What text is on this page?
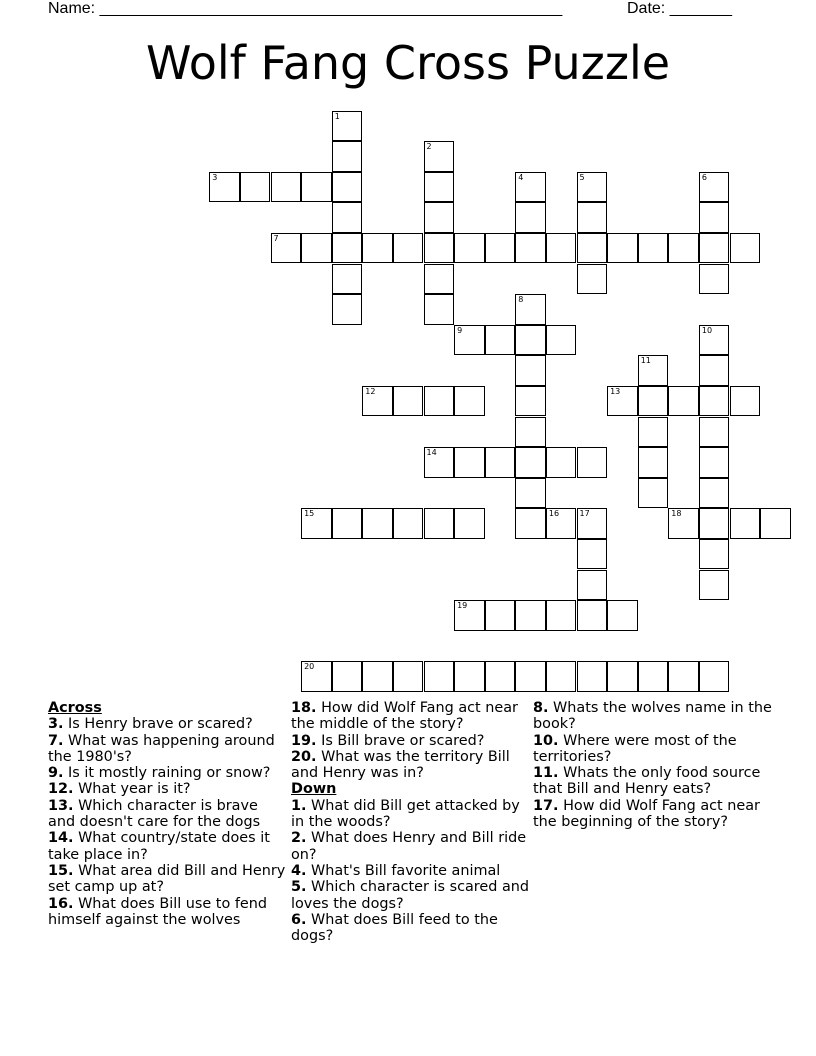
Name: ____________________________________________________	Date: _______
Wolf Fang Cross Puzzle
1
2
3	4	5	6
7
8
9	10
11
12	13
14
15	16	17	18
19
20
Across
3. Is Henry brave or scared?
7. What was happening around the 1980's?
9. Is it mostly raining or snow?
12. What year is it?
13. Which character is brave and doesn't care for the dogs
14. What country/state does it take place in?
15. What area did Bill and Henry set camp up at?
16. What does Bill use to fend himself against the wolves
18. How did Wolf Fang act near the middle of the story?
19. Is Bill brave or scared?
20. What was the territory Bill and Henry was in?
Down
1. What did Bill get attacked by in the woods?
2. What does Henry and Bill ride on?
4. What's Bill favorite animal
5. Which character is scared and loves the dogs?
6. What does Bill feed to the dogs?
8. Whats the wolves name in the book?
10. Where were most of the territories?
11. Whats the only food source that Bill and Henry eats?
17. How did Wolf Fang act near the beginning of the story?
